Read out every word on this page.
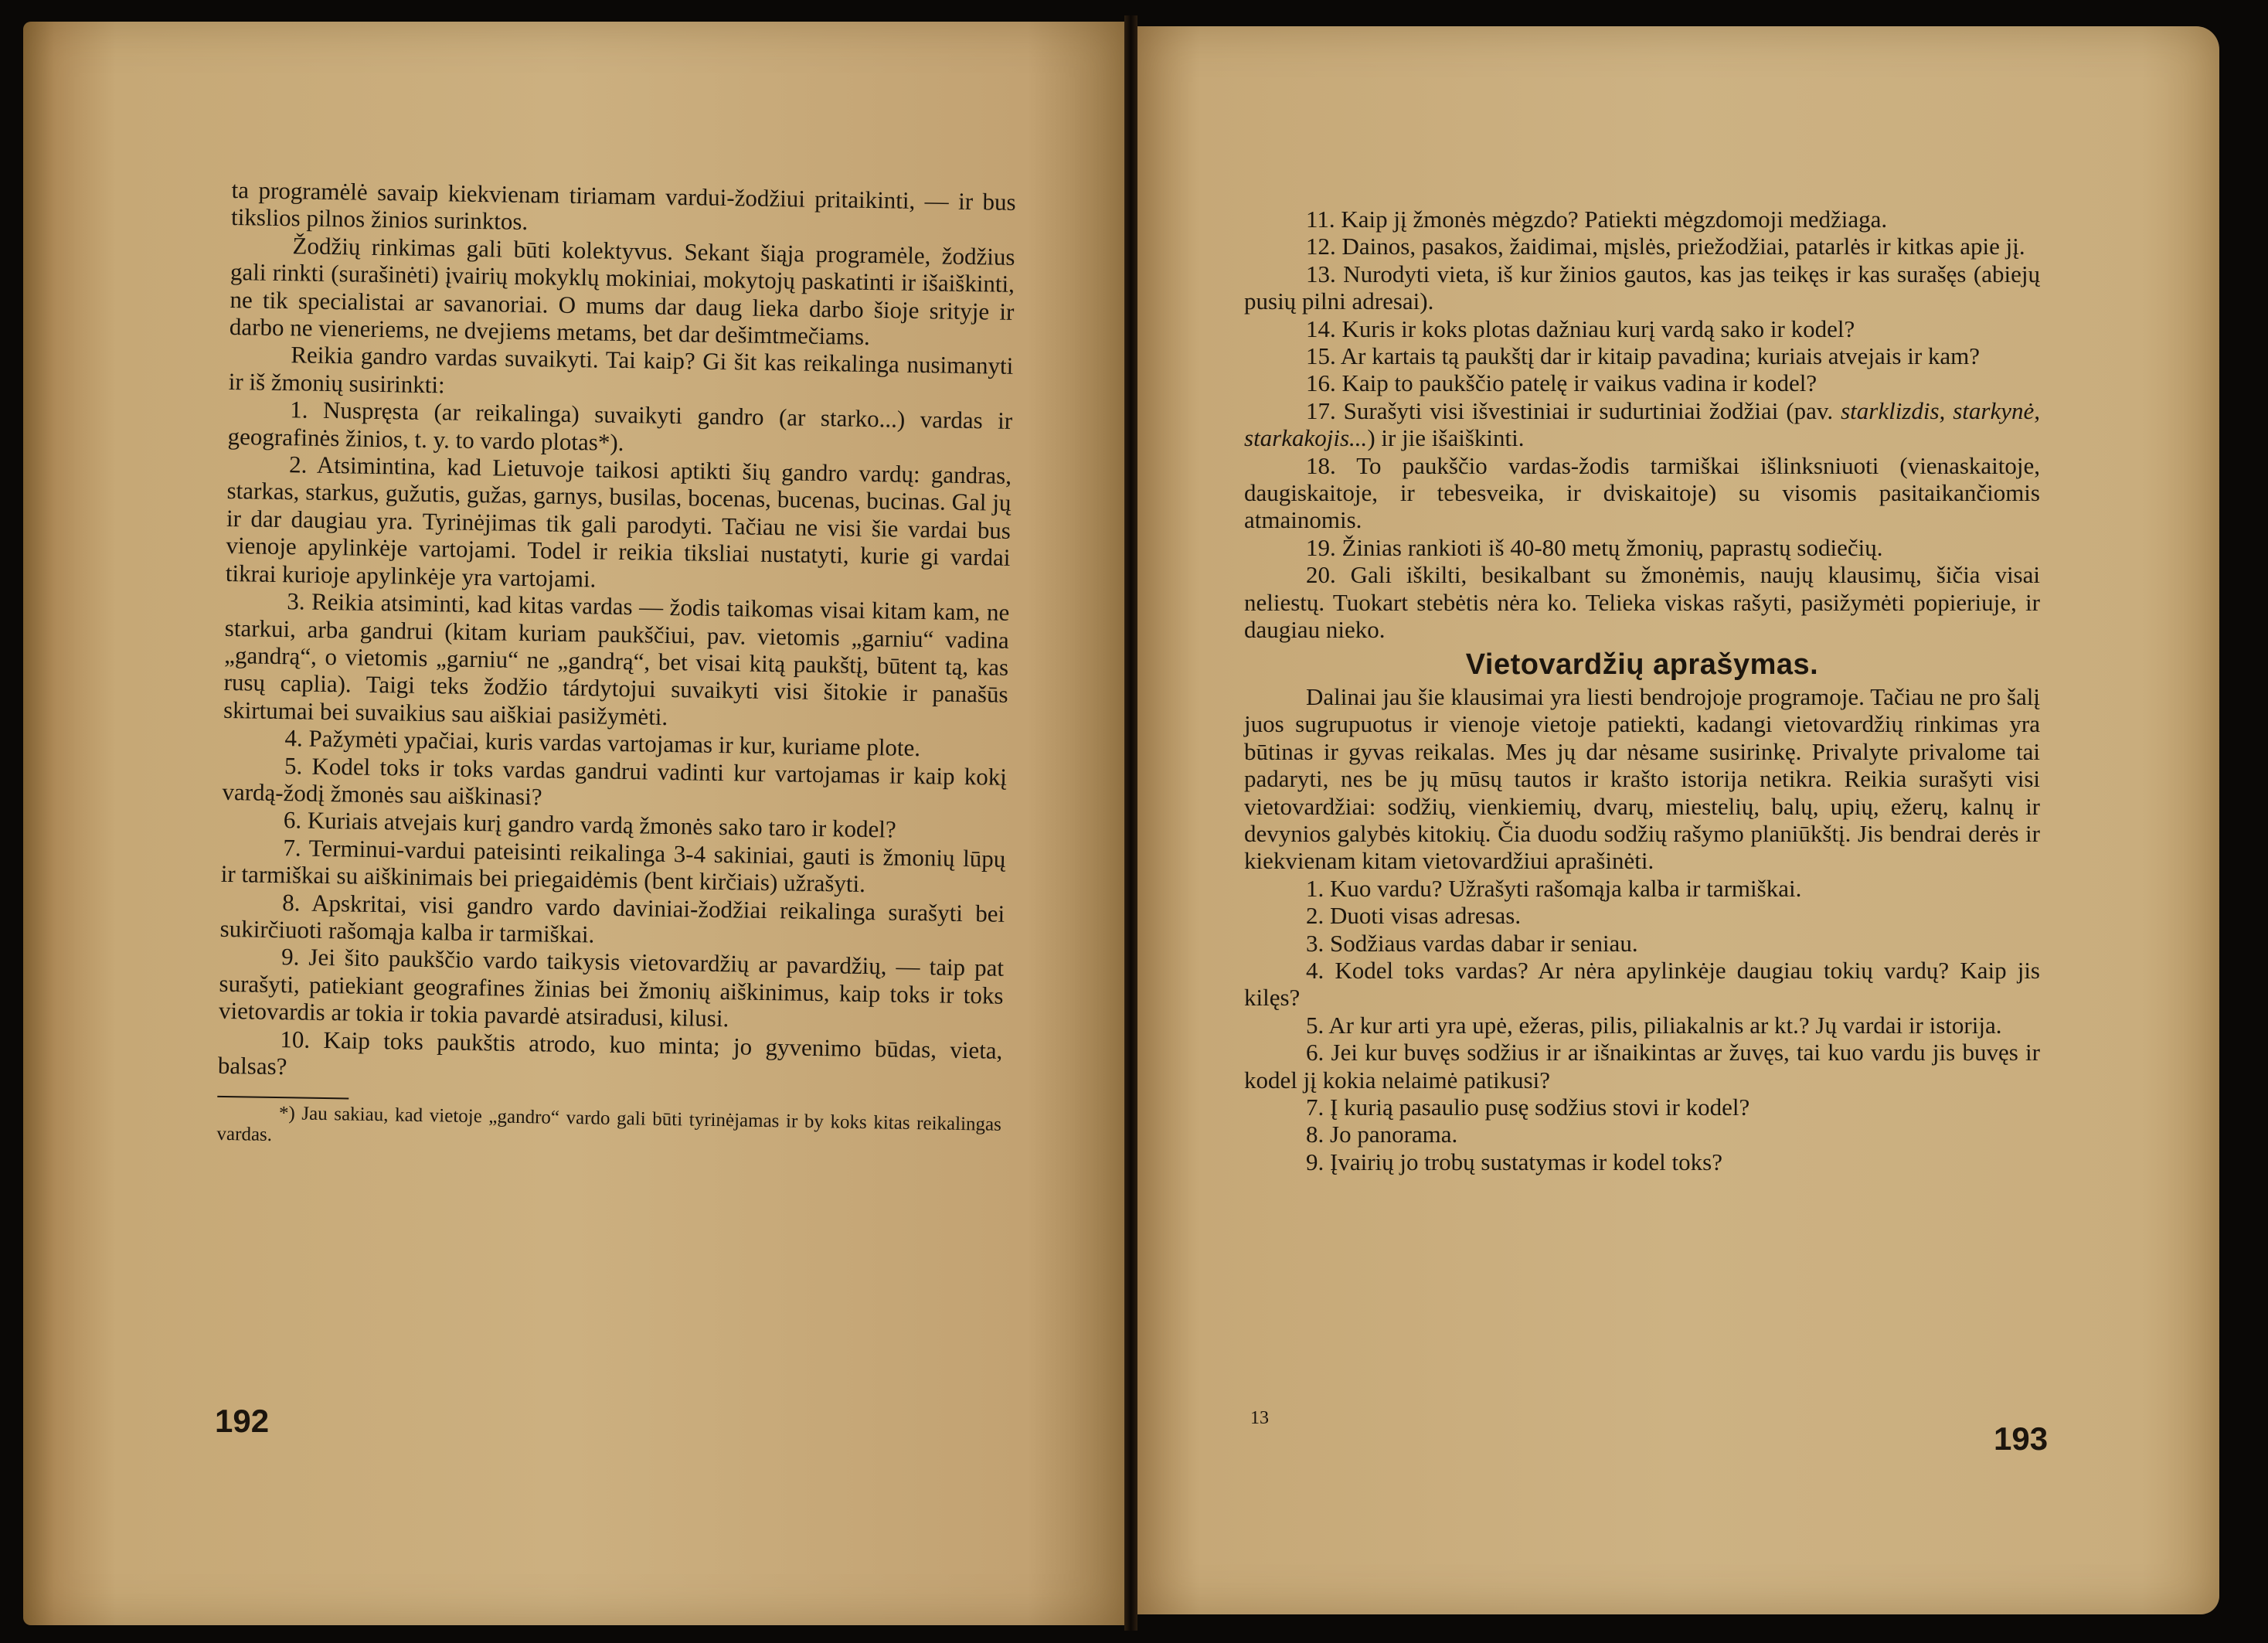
ta programėlė savaip kiekvienam tiriamam vardui-žodžiui pritaikinti, — ir bus tikslios pilnos žinios surinktos.

Žodžių rinkimas gali būti kolektyvus. Sekant šiąja programėle, žodžius gali rinkti (surašinėti) įvairių mokyklų mokiniai, mokytojų paskatinti ir išaiškinti, ne tik specialistai ar savanoriai. O mums dar daug lieka darbo šioje srityje ir darbo ne vieneriems, ne dvejiems metams, bet dar dešimtmečiams.

Reikia gandro vardas suvaikyti. Tai kaip? Gi šit kas reikalinga nusimanyti ir iš žmonių susirinkti:

1. Nuspręsta (ar reikalinga) suvaikyti gandro (ar starko...) vardas ir geografinės žinios, t. y. to vardo plotas*).

2. Atsimintina, kad Lietuvoje taikosi aptikti šių gandro vardų: gandras, starkas, starkus, gužutis, gužas, garnys, busilas, bocenas, bucenas, bucinas. Gal jų ir dar daugiau yra. Tyrinėjimas tik gali parodyti. Tačiau ne visi šie vardai bus vienoje apylinkėje vartojami. Todel ir reikia tiksliai nustatyti, kurie gi vardai tikrai kurioje apylinkėje yra vartojami.

3. Reikia atsiminti, kad kitas vardas — žodis taikomas visai kitam kam, ne starkui, arba gandrui (kitam kuriam paukščiui, pav. vietomis „garniu“ vadina „gandrą“, o vietomis „garniu“ ne „gandrą“, bet visai kitą paukštį, būtent tą, kas rusų caplia). Taigi teks žodžio tárdytojui suvaikyti visi šitokie ir panašūs skirtumai bei suvaikius sau aiškiai pasižymėti.

4. Pažymėti ypačiai, kuris vardas vartojamas ir kur, kuriame plote.

5. Kodel toks ir toks vardas gandrui vadinti kur vartojamas ir kaip kokį vardą-žodį žmonės sau aiškinasi?

6. Kuriais atvejais kurį gandro vardą žmonės sako taro ir kodel?

7. Terminui-vardui pateisinti reikalinga 3-4 sakiniai, gauti is žmonių lūpų ir tarmiškai su aiškinimais bei priegaidėmis (bent kirčiais) užrašyti.

8. Apskritai, visi gandro vardo daviniai-žodžiai reikalinga surašyti bei sukirčiuoti rašomąja kalba ir tarmiškai.

9. Jei šito paukščio vardo taikysis vietovardžių ar pavardžių, — taip pat surašyti, patiekiant geografines žinias bei žmonių aiškinimus, kaip toks ir toks vietovardis ar tokia ir tokia pavardė atsiradusi, kilusi.

10. Kaip toks paukštis atrodo, kuo minta; jo gyvenimo būdas, vieta, balsas?

*) Jau sakiau, kad vietoje „gandro“ vardo gali būti tyrinėjamas ir by koks kitas reikalingas vardas.

192

11. Kaip jį žmonės mėgzdo? Patiekti mėgzdomoji medžiaga.

12. Dainos, pasakos, žaidimai, mįslės, priežodžiai, patarlės ir kitkas apie jį.

13. Nurodyti vieta, iš kur žinios gautos, kas jas teikęs ir kas surašęs (abiejų pusių pilni adresai).

14. Kuris ir koks plotas dažniau kurį vardą sako ir kodel?

15. Ar kartais tą paukštį dar ir kitaip pavadina; kuriais atvejais ir kam?

16. Kaip to paukščio patelę ir vaikus vadina ir kodel?

17. Surašyti visi išvestiniai ir sudurtiniai žodžiai (pav. starklizdis, starkynė, starkakojis...) ir jie išaiškinti.

18. To paukščio vardas-žodis tarmiškai išlinksniuoti (vienaskaitoje, daugiskaitoje, ir tebesveika, ir dviskaitoje) su visomis pasitaikančiomis atmainomis.

19. Žinias rankioti iš 40-80 metų žmonių, paprastų sodiečių.

20. Gali iškilti, besikalbant su žmonėmis, naujų klausimų, šičia visai neliestų. Tuokart stebėtis nėra ko. Telieka viskas rašyti, pasižymėti popieriuje, ir daugiau nieko.

Vietovardžių aprašymas.

Dalinai jau šie klausimai yra liesti bendrojoje programoje. Tačiau ne pro šalį juos sugrupuotus ir vienoje vietoje patiekti, kadangi vietovardžių rinkimas yra būtinas ir gyvas reikalas. Mes jų dar nėsame susirinkę. Privalyte privalome tai padaryti, nes be jų mūsų tautos ir krašto istorija netikra. Reikia surašyti visi vietovardžiai: sodžių, vienkiemių, dvarų, miestelių, balų, upių, ežerų, kalnų ir devynios galybės kitokių. Čia duodu sodžių rašymo planiūkštį. Jis bendrai derės ir kiekvienam kitam vietovardžiui aprašinėti.

1. Kuo vardu? Užrašyti rašomąja kalba ir tarmiškai.

2. Duoti visas adresas.

3. Sodžiaus vardas dabar ir seniau.

4. Kodel toks vardas? Ar nėra apylinkėje daugiau tokių vardų? Kaip jis kilęs?

5. Ar kur arti yra upė, ežeras, pilis, piliakalnis ar kt.? Jų vardai ir istorija.

6. Jei kur buvęs sodžius ir ar išnaikintas ar žuvęs, tai kuo vardu jis buvęs ir kodel jį kokia nelaimė patikusi?

7. Į kurią pasaulio pusę sodžius stovi ir kodel?

8. Jo panorama.

9. Įvairių jo trobų sustatymas ir kodel toks?

13
193
